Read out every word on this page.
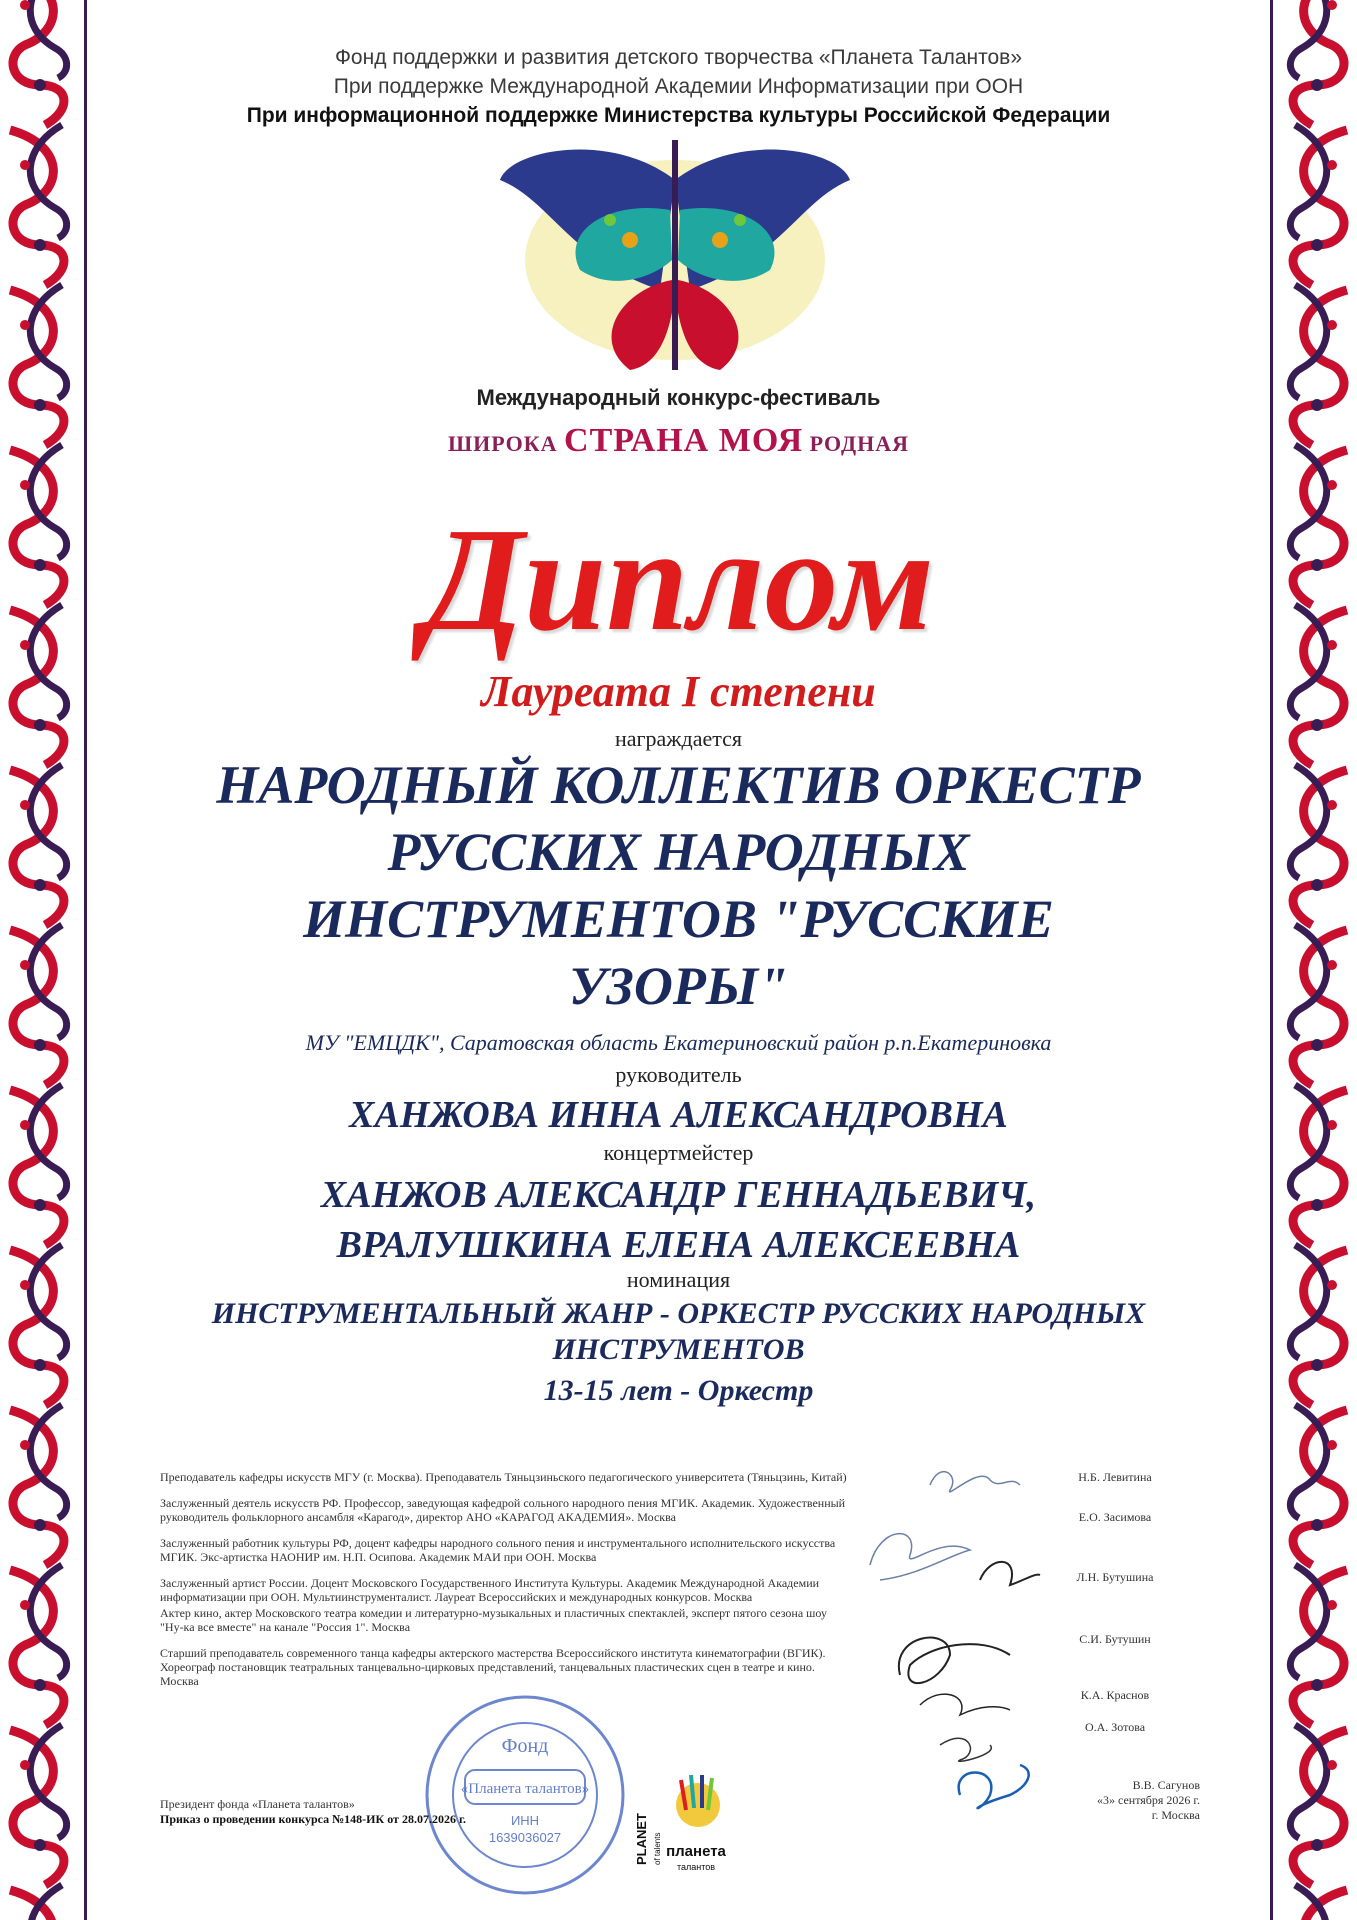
Фонд поддержки и развития детского творчества «Планета Талантов»
При поддержке Международной Академии Информатизации при ООН
При информационной поддержке Министерства культуры Российской Федерации
Международный конкурс-фестиваль
ШИРОКА СТРАНА МОЯ РОДНАЯ
Диплом
Лауреата I степени
награждается
НАРОДНЫЙ КОЛЛЕКТИВ ОРКЕСТР
РУССКИХ НАРОДНЫХ
ИНСТРУМЕНТОВ "РУССКИЕ
УЗОРЫ"
МУ "ЕМЦДК", Саратовская область Екатериновский район р.п.Екатериновка
руководитель
ХАНЖОВА ИННА АЛЕКСАНДРОВНА
концертмейстер
ХАНЖОВ АЛЕКСАНДР ГЕННАДЬЕВИЧ,
ВРАЛУШКИНА ЕЛЕНА АЛЕКСЕЕВНА
номинация
ИНСТРУМЕНТАЛЬНЫЙ ЖАНР - ОРКЕСТР РУССКИХ НАРОДНЫХ
ИНСТРУМЕНТОВ
13-15 лет - Оркестр

Преподаватель кафедры искусств МГУ (г. Москва). Преподаватель Тяньцзиньского педагогического университета (Тяньцзинь, Китай)

Заслуженный деятель искусств РФ. Профессор, заведующая кафедрой сольного народного пения МГИК. Академик. Художественный руководитель фольклорного ансамбля «Карагод», директор АНО «КАРАГОД АКАДЕМИЯ». Москва

Заслуженный работник культуры РФ, доцент кафедры народного сольного пения и инструментального исполнительского искусства МГИК. Экс-артистка НАОНИР им. Н.П. Осипова. Академик МАИ при ООН. Москва

Заслуженный артист России. Доцент Московского Государственного Института Культуры. Академик Международной Академии информатизации при ООН. Мультиинструменталист. Лауреат Всероссийских и международных конкурсов. Москва

Актер кино, актер Московского театра комедии и литературно-музыкальных и пластичных спектаклей, эксперт пятого сезона шоу "Ну-ка все вместе" на канале "Россия 1". Москва

Старший преподаватель современного танца кафедры актерского мастерства Всероссийского института кинематографии (ВГИК). Хореограф постановщик театральных танцевально-цирковых представлений, танцевальных пластических сцен в театре и кино. Москва

Н.Б. Левитина
Е.О. Засимова
Л.Н. Бутушина
С.И. Бутушин
К.А. Краснов
О.А. Зотова
Фонд
«Планета талантов»
ИНН
1639036027	PLANET of talents планета
талантов
Президент фонда «Планета талантов»
Приказ о проведении конкурса №148-ИК от 28.07.2026 г.
В.В. Сагунов
«3» сентября 2026 г.
г. Москва
